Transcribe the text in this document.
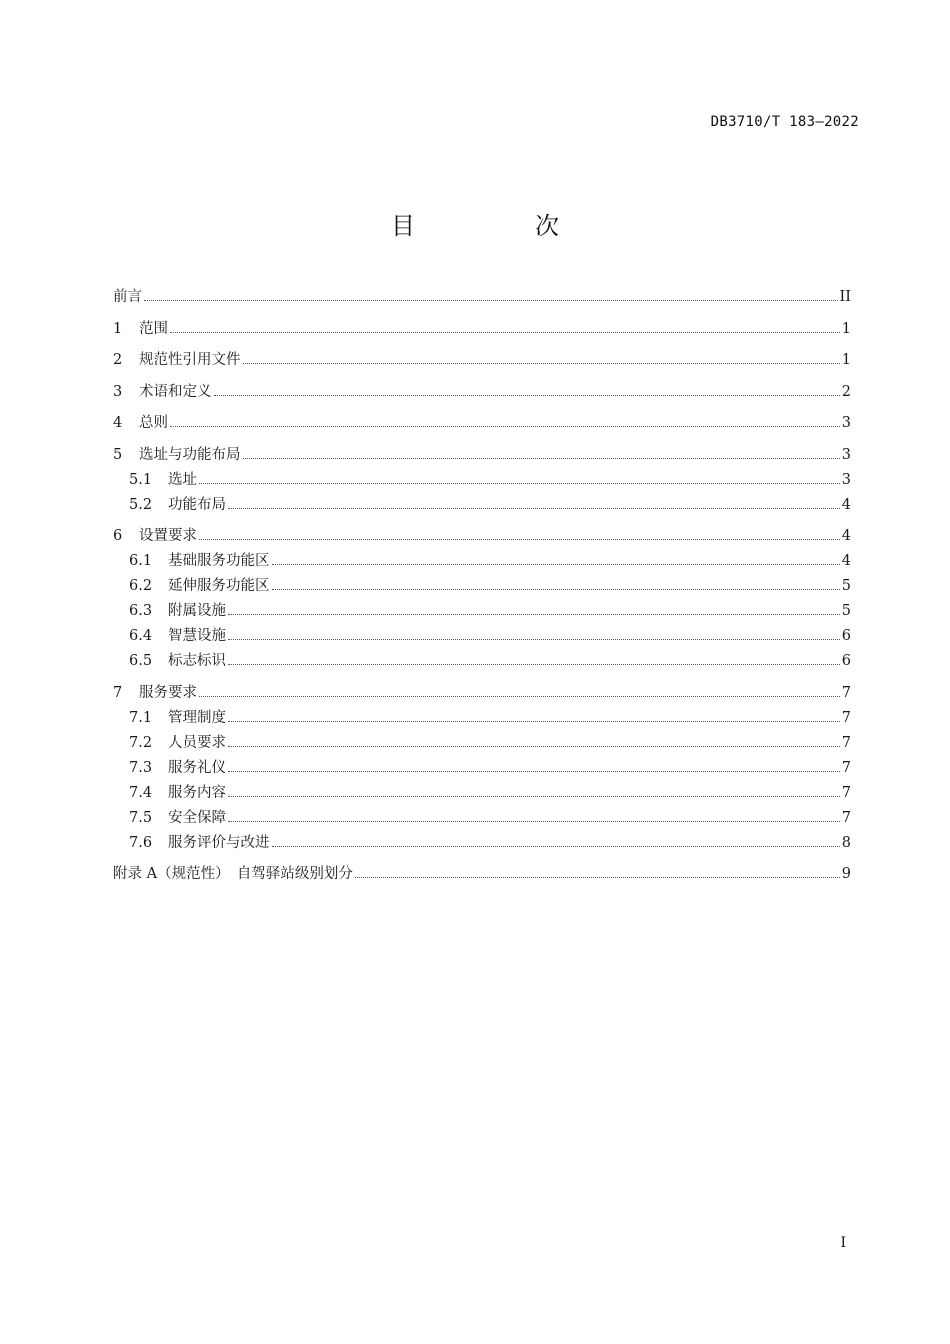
DB3710/T 183—2022
目　次
前言	II
1	范围	1
2	规范性引用文件	1
3	术语和定义	2
4	总则	3
5	选址与功能布局	3
5.1	选址	3
5.2	功能布局	4
6	设置要求	4
6.1	基础服务功能区	4
6.2	延伸服务功能区	5
6.3	附属设施	5
6.4	智慧设施	6
6.5	标志标识	6
7	服务要求	7
7.1	管理制度	7
7.2	人员要求	7
7.3	服务礼仪	7
7.4	服务内容	7
7.5	安全保障	7
7.6	服务评价与改进	8
附录 A（规范性）　自驾驿站级别划分	9
I
